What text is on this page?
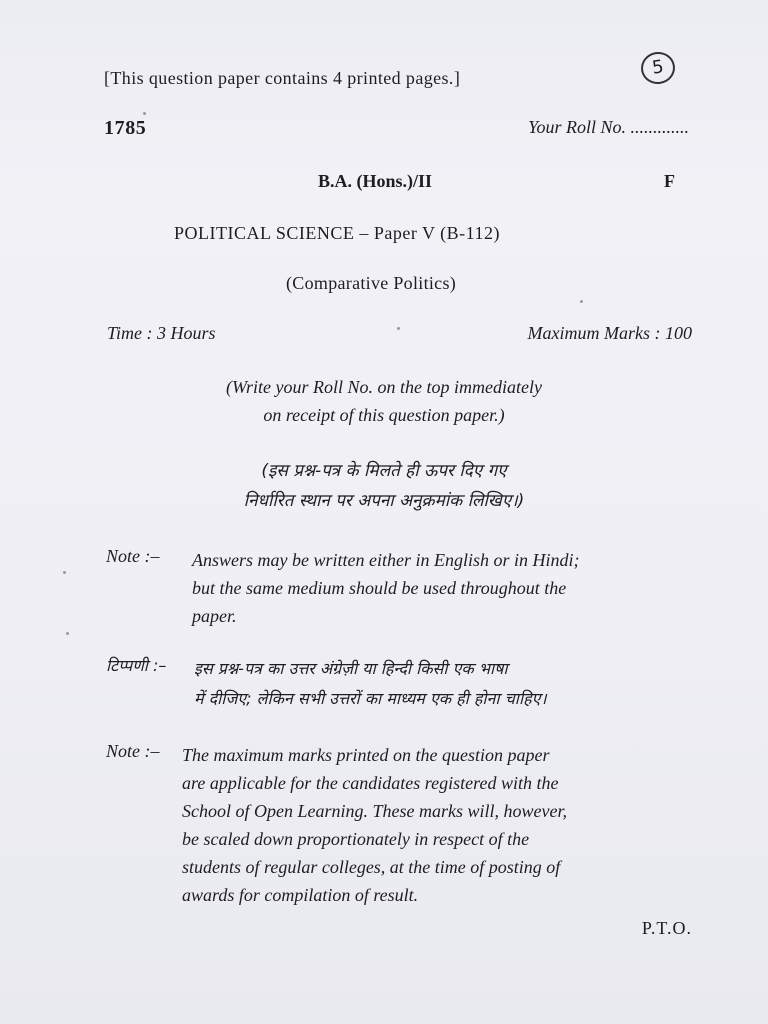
[This question paper contains 4 printed pages.]	5
1785	Your Roll No. .............
B.A. (Hons.)/II	F
POLITICAL SCIENCE – Paper V (B-112)
(Comparative Politics)
Time : 3 Hours	Maximum Marks : 100
(Write your Roll No. on the top immediately
on receipt of this question paper.)
(इस प्रश्न-पत्र के मिलते ही ऊपर दिए गए
निर्धारित स्थान पर अपना अनुक्रमांक लिखिए।)
Note :– Answers may be written either in English or in Hindi;
but the same medium should be used throughout the
paper.
टिप्पणी :– इस प्रश्न-पत्र का उत्तर अंग्रेज़ी या हिन्दी किसी एक भाषा
में दीजिए; लेकिन सभी उत्तरों का माध्यम एक ही होना चाहिए।
Note :– The maximum marks printed on the question paper
are applicable for the candidates registered with the
School of Open Learning. These marks will, however,
be scaled down proportionately in respect of the
students of regular colleges, at the time of posting of
awards for compilation of result.
P.T.O.
